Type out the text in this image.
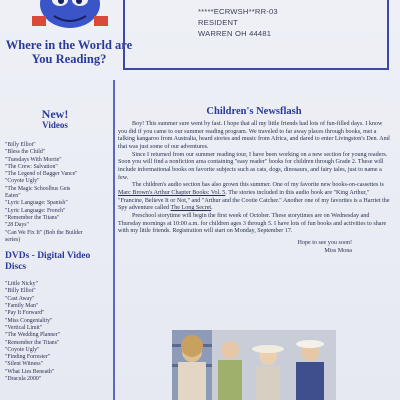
Where in the World are You Reading?
*****ECRWSH**RR-03
RESIDENT
WARREN OH 44481
New!
Videos
"Billy Elliot"
"Bless the Child"
"Tuesdays With Morrie"
"The Crew: Salvation"
"The Legend of Bagger Vance"
"Coyote Ugly"
"The Magic Schoolbus Gets
Eaten"
"Lyric Language: Spanish"
"Lyric Language: French"
"Remember the Titans"
"28 Days"
"Can We Fix It" (Bob the Builder
series)
DVDs - Digital Video Discs
"Little Nicky"
"Billy Elliot"
"Cast Away"
"Family Man"
"Pay It Forward"
"Miss Congeniality"
"Vertical Limit"
"The Wedding Planner"
"Remember the Titans"
"Coyote Ugly"
"Finding Forrester"
"Silent Witness"
"What Lies Beneath"
"Dracula 2000"
Children's Newsflash

Boy! This summer sure went by fast. I hope that all my little friends had lots of fun-filled days. I know you did if you came to our summer reading program. We traveled to far away places through books, met a talking kangaroo from Australia, heard stories and music from Africa, and dared to enter Livingston's Den. And that was just some of our adventures.

Since I returned from our summer reading tour, I have been working on a new section for young readers. Soon you will find a nonfiction area containing "easy reader" books for children through Grade 2. These will include informational books on favorite subjects such as cats, dogs, dinosaurs, and fairy tales, just to name a few.

The children's audio section has also grown this summer. One of my favorite new books-on-cassettes is Marc Brown's Arthur Chapter Books: Vol. 5. The stories included in this audio book are "King Arthur," "Francine, Believe It or Not," and "Arthur and the Cootie Catcher." Another one of my favorites is a Harriet the Spy adventure called The Long Secret.

Preschool storytime will begin the first week of October. These storytimes are on Wednesday and Thursday mornings at 10:00 a.m. for children ages 3 through 5. I have lots of fun books and activities to share with my little friends. Registration will start on Monday, September 17.

Hope to see you soon!
Miss Mona
